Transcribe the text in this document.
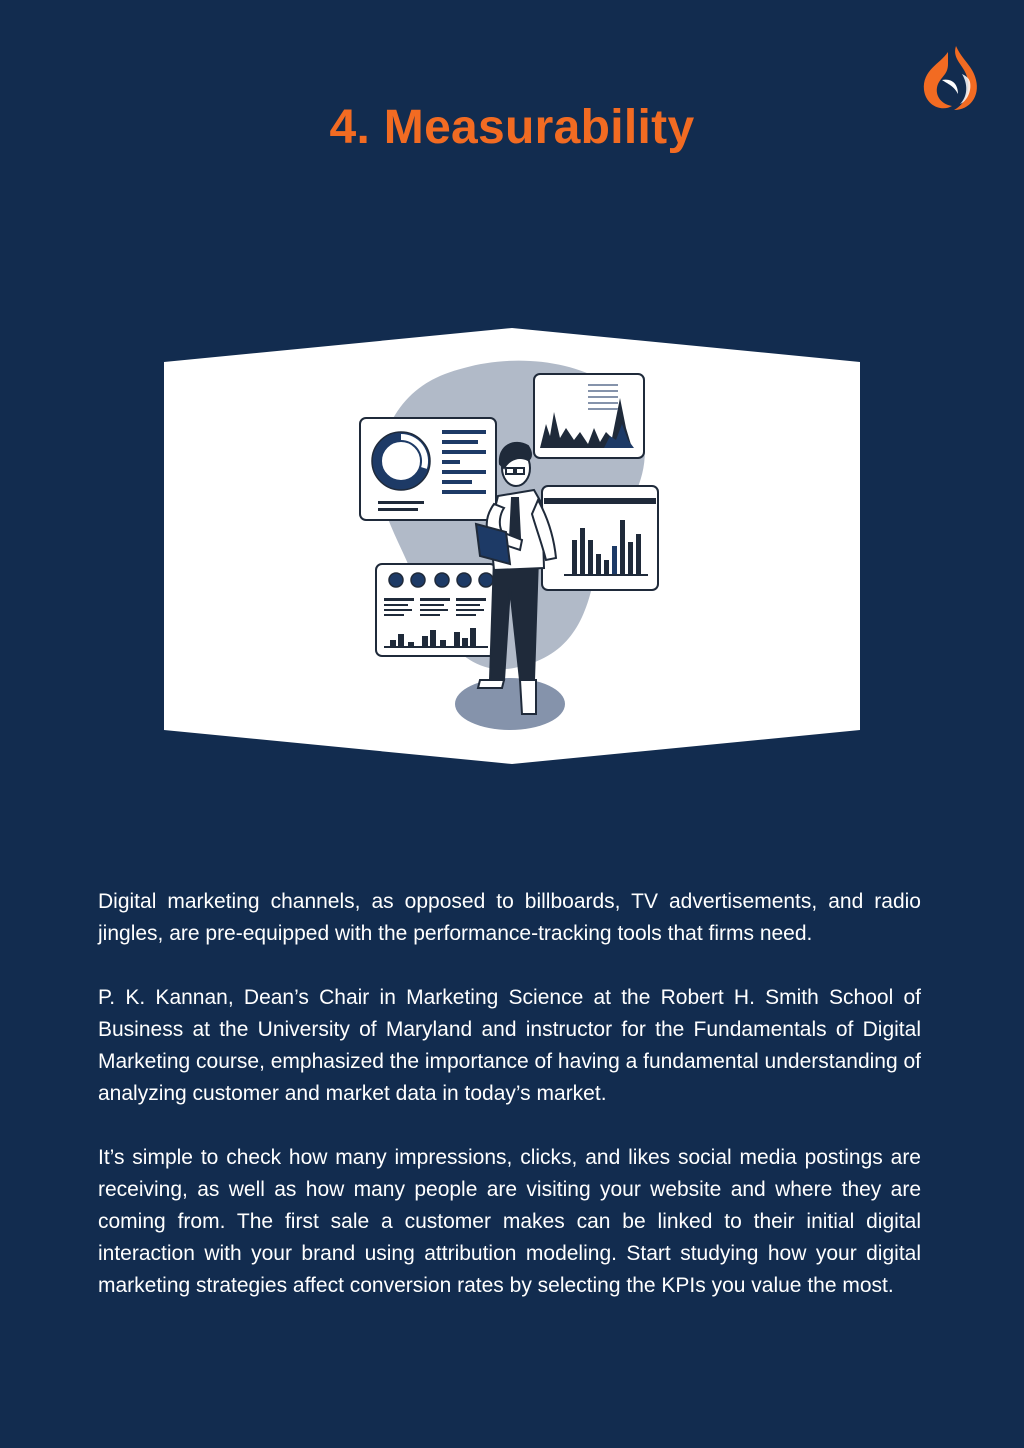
4. Measurability

Digital marketing channels, as opposed to billboards, TV advertisements, and radio jingles, are pre-equipped with the performance-tracking tools that firms need.

P. K. Kannan, Dean’s Chair in Marketing Science at the Robert H. Smith School of Business at the University of Maryland and instructor for the Fundamentals of Digital Marketing course, emphasized the importance of having a fundamental understanding of analyzing customer and market data in today’s market.

It’s simple to check how many impressions, clicks, and likes social media postings are receiving, as well as how many people are visiting your website and where they are coming from. The first sale a customer makes can be linked to their initial digital interaction with your brand using attribution modeling. Start studying how your digital marketing strategies affect conversion rates by selecting the KPIs you value the most.
